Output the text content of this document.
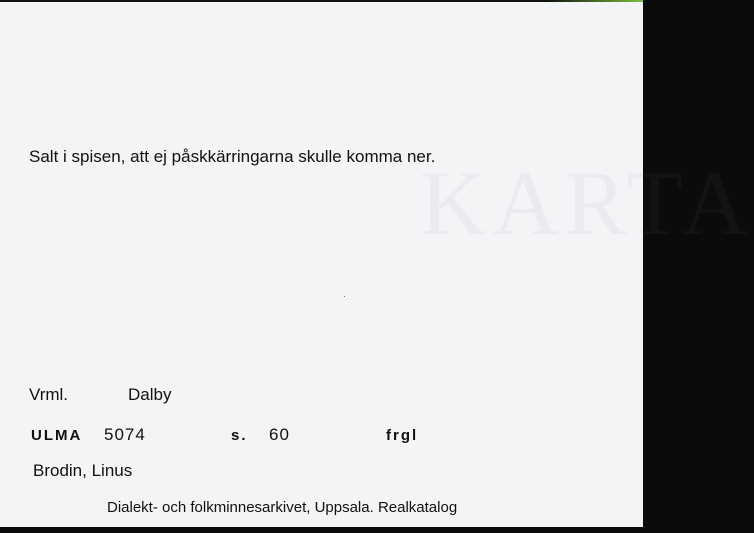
KARTA
Salt i spisen, att ej påskkärringarna skulle komma ner.
Vrml.	Dalby
ULMA 5074	s. 60	frgl
Brodin, Linus
Dialekt- och folkminnesarkivet, Uppsala. Realkatalog
